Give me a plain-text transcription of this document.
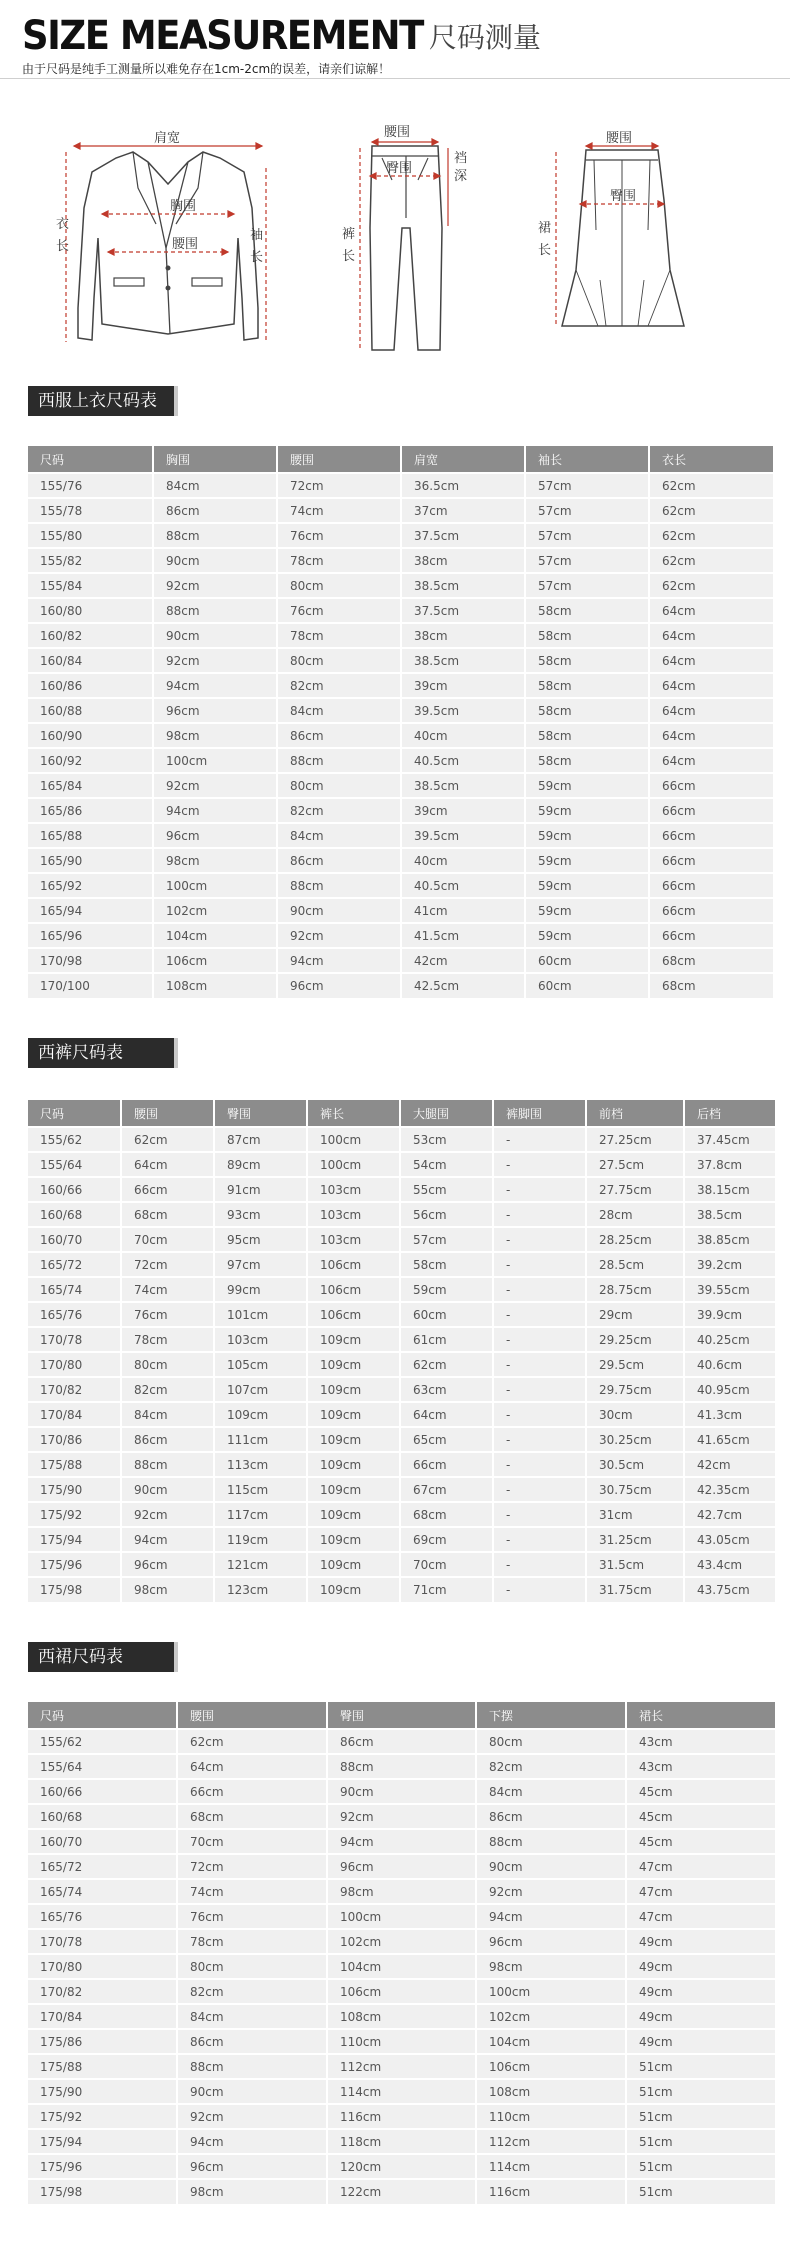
SIZE MEASUREMENT 尺码测量
由于尺码是纯手工测量所以难免存在1cm-2cm的误差，请亲们谅解！
肩宽
胸围
腰围
衣
长
袖
长
腰围
臀围
裆
深
裤
长
腰围
臀围
裙
长
西服上衣尺码表
尺码	胸围	腰围	肩宽	袖长	衣长
155/76	84cm	72cm	36.5cm	57cm	62cm
155/78	86cm	74cm	37cm	57cm	62cm
155/80	88cm	76cm	37.5cm	57cm	62cm
155/82	90cm	78cm	38cm	57cm	62cm
155/84	92cm	80cm	38.5cm	57cm	62cm
160/80	88cm	76cm	37.5cm	58cm	64cm
160/82	90cm	78cm	38cm	58cm	64cm
160/84	92cm	80cm	38.5cm	58cm	64cm
160/86	94cm	82cm	39cm	58cm	64cm
160/88	96cm	84cm	39.5cm	58cm	64cm
160/90	98cm	86cm	40cm	58cm	64cm
160/92	100cm	88cm	40.5cm	58cm	64cm
165/84	92cm	80cm	38.5cm	59cm	66cm
165/86	94cm	82cm	39cm	59cm	66cm
165/88	96cm	84cm	39.5cm	59cm	66cm
165/90	98cm	86cm	40cm	59cm	66cm
165/92	100cm	88cm	40.5cm	59cm	66cm
165/94	102cm	90cm	41cm	59cm	66cm
165/96	104cm	92cm	41.5cm	59cm	66cm
170/98	106cm	94cm	42cm	60cm	68cm
170/100	108cm	96cm	42.5cm	60cm	68cm
西裤尺码表
尺码	腰围	臀围	裤长	大腿围	裤脚围	前档	后档
155/62	62cm	87cm	100cm	53cm	-	27.25cm	37.45cm
155/64	64cm	89cm	100cm	54cm	-	27.5cm	37.8cm
160/66	66cm	91cm	103cm	55cm	-	27.75cm	38.15cm
160/68	68cm	93cm	103cm	56cm	-	28cm	38.5cm
160/70	70cm	95cm	103cm	57cm	-	28.25cm	38.85cm
165/72	72cm	97cm	106cm	58cm	-	28.5cm	39.2cm
165/74	74cm	99cm	106cm	59cm	-	28.75cm	39.55cm
165/76	76cm	101cm	106cm	60cm	-	29cm	39.9cm
170/78	78cm	103cm	109cm	61cm	-	29.25cm	40.25cm
170/80	80cm	105cm	109cm	62cm	-	29.5cm	40.6cm
170/82	82cm	107cm	109cm	63cm	-	29.75cm	40.95cm
170/84	84cm	109cm	109cm	64cm	-	30cm	41.3cm
170/86	86cm	111cm	109cm	65cm	-	30.25cm	41.65cm
175/88	88cm	113cm	109cm	66cm	-	30.5cm	42cm
175/90	90cm	115cm	109cm	67cm	-	30.75cm	42.35cm
175/92	92cm	117cm	109cm	68cm	-	31cm	42.7cm
175/94	94cm	119cm	109cm	69cm	-	31.25cm	43.05cm
175/96	96cm	121cm	109cm	70cm	-	31.5cm	43.4cm
175/98	98cm	123cm	109cm	71cm	-	31.75cm	43.75cm
西裙尺码表
尺码	腰围	臀围	下摆	裙长
155/62	62cm	86cm	80cm	43cm
155/64	64cm	88cm	82cm	43cm
160/66	66cm	90cm	84cm	45cm
160/68	68cm	92cm	86cm	45cm
160/70	70cm	94cm	88cm	45cm
165/72	72cm	96cm	90cm	47cm
165/74	74cm	98cm	92cm	47cm
165/76	76cm	100cm	94cm	47cm
170/78	78cm	102cm	96cm	49cm
170/80	80cm	104cm	98cm	49cm
170/82	82cm	106cm	100cm	49cm
170/84	84cm	108cm	102cm	49cm
175/86	86cm	110cm	104cm	49cm
175/88	88cm	112cm	106cm	51cm
175/90	90cm	114cm	108cm	51cm
175/92	92cm	116cm	110cm	51cm
175/94	94cm	118cm	112cm	51cm
175/96	96cm	120cm	114cm	51cm
175/98	98cm	122cm	116cm	51cm
